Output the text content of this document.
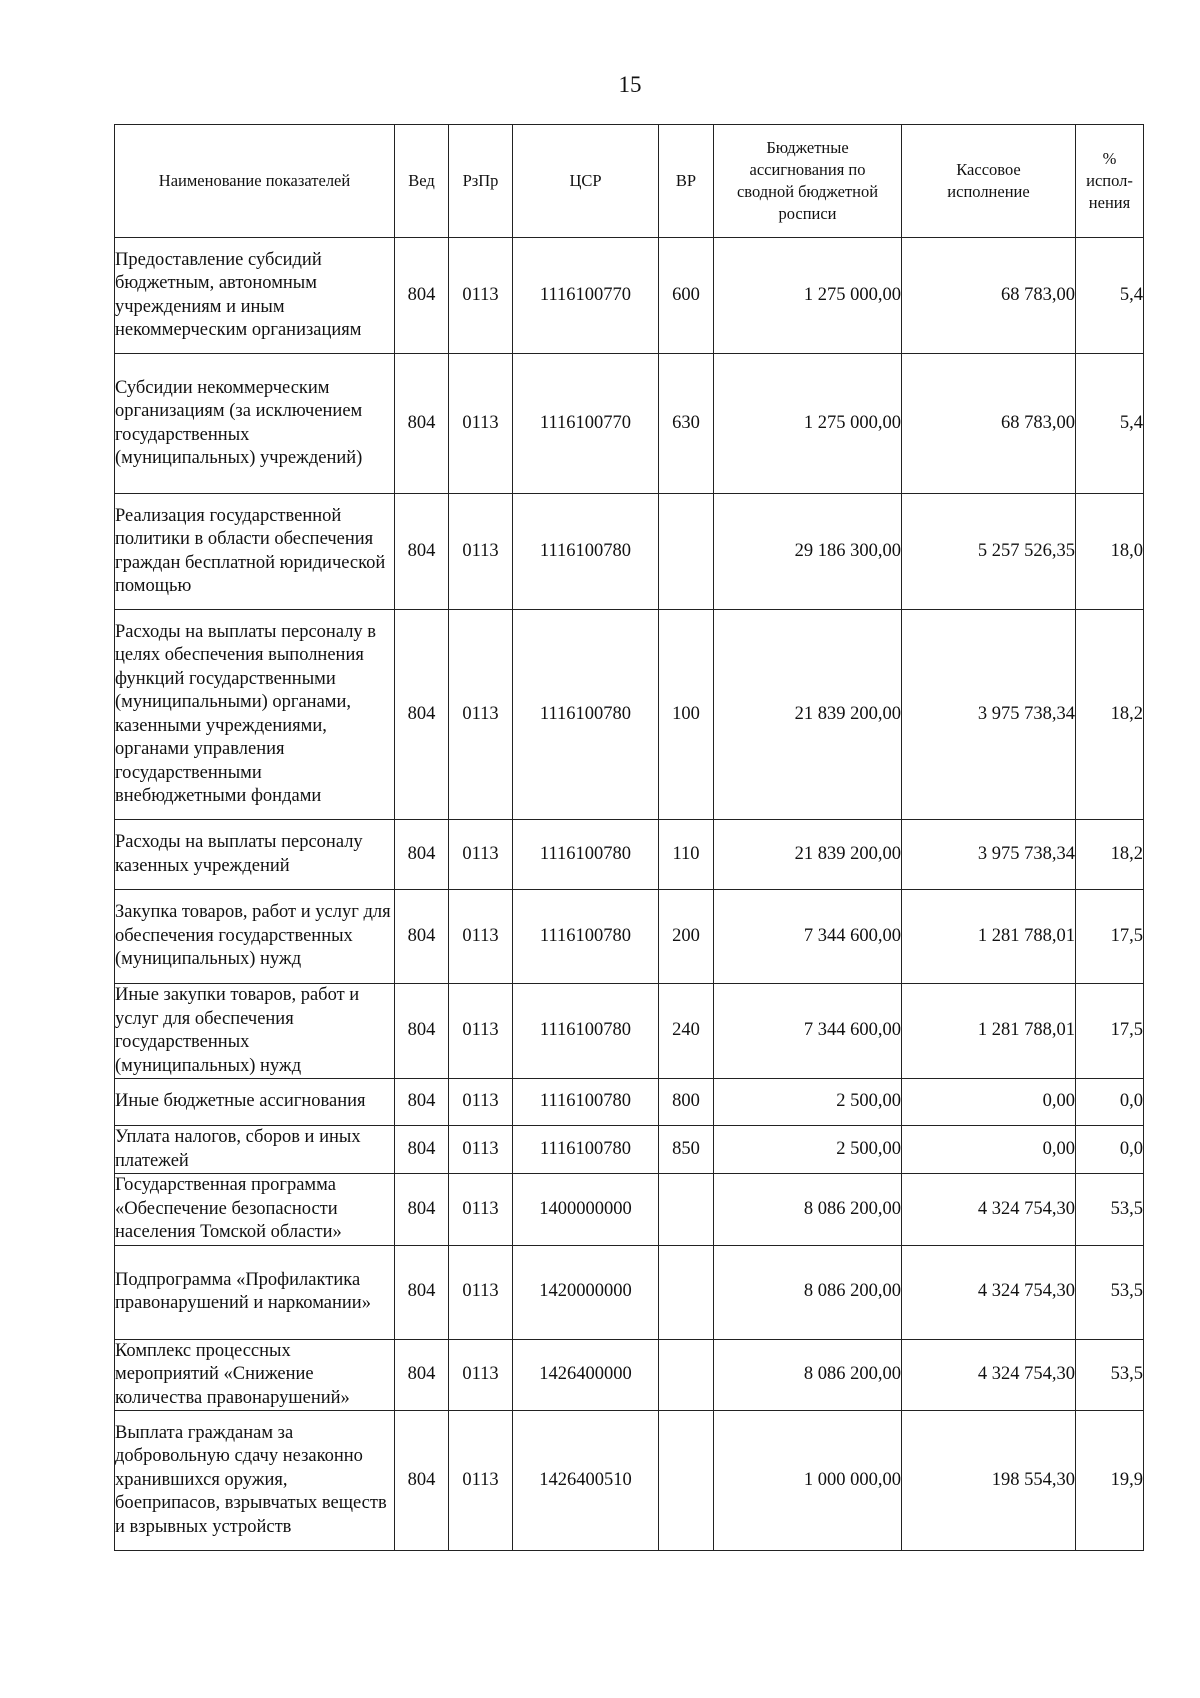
15
Наименование показателей	Вед	РзПр	ЦСР	ВР	Бюджетные ассигнования по сводной бюджетной росписи	Кассовое исполнение	% испол-нения
Предоставление субсидий бюджетным, автономным учреждениям и иным некоммерческим организациям	804	0113	1116100770	600	1 275 000,00	68 783,00	5,4
Субсидии некоммерческим организациям (за исключением государственных (муниципальных) учреждений)	804	0113	1116100770	630	1 275 000,00	68 783,00	5,4
Реализация государственной политики в области обеспечения граждан бесплатной юридической помощью	804	0113	1116100780		29 186 300,00	5 257 526,35	18,0
Расходы на выплаты персоналу в целях обеспечения выполнения функций государственными (муниципальными) органами, казенными учреждениями, органами управления государственными внебюджетными фондами	804	0113	1116100780	100	21 839 200,00	3 975 738,34	18,2
Расходы на выплаты персоналу казенных учреждений	804	0113	1116100780	110	21 839 200,00	3 975 738,34	18,2
Закупка товаров, работ и услуг для обеспечения государственных (муниципальных) нужд	804	0113	1116100780	200	7 344 600,00	1 281 788,01	17,5
Иные закупки товаров, работ и услуг для обеспечения государственных (муниципальных) нужд	804	0113	1116100780	240	7 344 600,00	1 281 788,01	17,5
Иные бюджетные ассигнования	804	0113	1116100780	800	2 500,00	0,00	0,0
Уплата налогов, сборов и иных платежей	804	0113	1116100780	850	2 500,00	0,00	0,0
Государственная программа «Обеспечение безопасности населения Томской области»	804	0113	1400000000		8 086 200,00	4 324 754,30	53,5
Подпрограмма «Профилактика правонарушений и наркомании»	804	0113	1420000000		8 086 200,00	4 324 754,30	53,5
Комплекс процессных мероприятий «Снижение количества правонарушений»	804	0113	1426400000		8 086 200,00	4 324 754,30	53,5
Выплата гражданам за добровольную сдачу незаконно хранившихся оружия, боеприпасов, взрывчатых веществ и взрывных устройств	804	0113	1426400510		1 000 000,00	198 554,30	19,9
